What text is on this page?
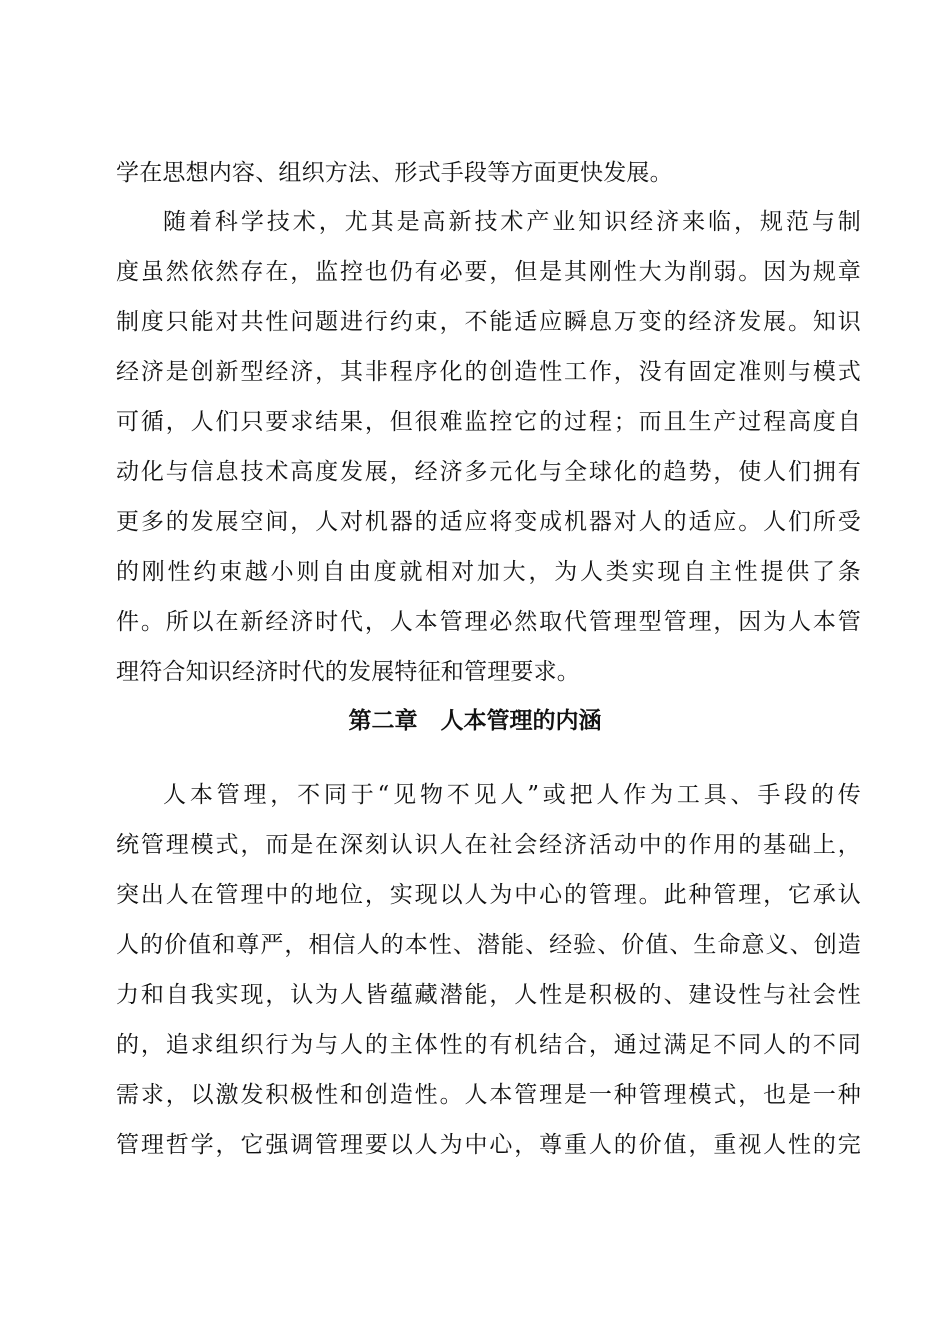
学在思想内容、组织方法、形式手段等方面更快发展。
随着科学技术，尤其是高新技术产业知识经济来临，规范与制
度虽然依然存在，监控也仍有必要，但是其刚性大为削弱。因为规章
制度只能对共性问题进行约束，不能适应瞬息万变的经济发展。知识
经济是创新型经济，其非程序化的创造性工作，没有固定准则与模式
可循，人们只要求结果，但很难监控它的过程；而且生产过程高度自
动化与信息技术高度发展，经济多元化与全球化的趋势，使人们拥有
更多的发展空间，人对机器的适应将变成机器对人的适应。人们所受
的刚性约束越小则自由度就相对加大，为人类实现自主性提供了条
件。所以在新经济时代，人本管理必然取代管理型管理，因为人本管
理符合知识经济时代的发展特征和管理要求。
第二章　人本管理的内涵
人本管理，不同于“见物不见人”或把人作为工具、手段的传
统管理模式，而是在深刻认识人在社会经济活动中的作用的基础上，
突出人在管理中的地位，实现以人为中心的管理。此种管理，它承认
人的价值和尊严，相信人的本性、潜能、经验、价值、生命意义、创造
力和自我实现，认为人皆蕴藏潜能，人性是积极的、建设性与社会性
的，追求组织行为与人的主体性的有机结合，通过满足不同人的不同
需求，以激发积极性和创造性。人本管理是一种管理模式，也是一种
管理哲学，它强调管理要以人为中心，尊重人的价值，重视人性的完
